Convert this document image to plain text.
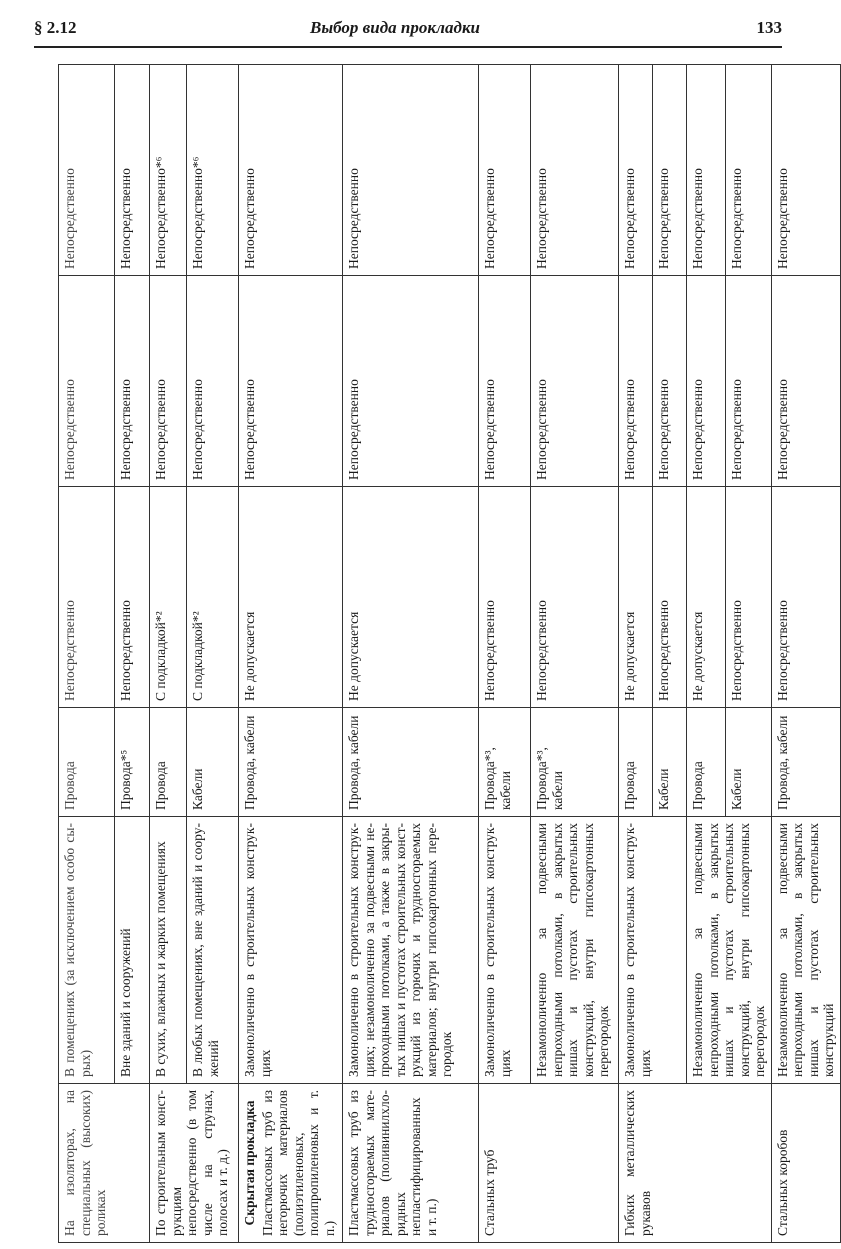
§ 2.12	Выбор вида прокладки	133
На изоляторах, на специальных (высоких) роликах	В помещениях (за исключением особо сырых)	Провода	Непосредственно	Непосредственно	Непосредственно
	Вне зданий и сооружений	Провода*⁵	Непосредственно	Непосредственно	Непосредственно
По строительным конструкциям непосредственно (в том числе на струнах, полосах и т. д.)	В сухих, влажных и жарких помещениях	Провода	С подкладкой*²	Непосредственно	Непосредственно*⁶
	В любых помещениях, вне зданий и сооружений	Кабели	С подкладкой*²	Непосредственно	Непосредственно*⁶

Скрытая прокладка Пластмассовых труб из негорючих материалов (полиэтиленовых, полипропиленовых и т. п.)	Замоноличенно в строительных конструкциях	Провода, кабели	Не допускается	Непосредственно	Непосредственно
Пластмассовых труб из трудносгораемых материалов (поливинилхлоридных непластифицированных и т. п.)	Замоноличенно в строительных конструкциях; незамоноличенно за подвесными непроходными потолками, а также в закрытых нишах и пустотах строительных конструкций из горючих и трудносгораемых материалов; внутри гипсокартонных перегородок	Провода, кабели	Не допускается	Непосредственно	Непосредственно
Стальных труб	Замоноличенно в строительных конструкциях	Провода*³, кабели	Непосредственно	Непосредственно	Непосредственно
	Незамоноличенно за подвесными непроходными потолками, в закрытых нишах и пустотах строительных конструкций, внутри гипсокартонных перегородок	Провода*³, кабели	Непосредственно	Непосредственно	Непосредственно
Гибких металлических рукавов	Замоноличенно в строительных конструкциях	Провода	Не допускается	Непосредственно	Непосредственно
		Кабели	Непосредственно	Непосредственно	Непосредственно
	Незамоноличенно за подвесными непроходными потолками, в закрытых нишах и пустотах строительных конструкций, внутри гипсокартонных перегородок	Провода	Не допускается	Непосредственно	Непосредственно
		Кабели	Непосредственно	Непосредственно	Непосредственно
Стальных коробов	Незамоноличенно за подвесными непроходными потолками, в закрытых нишах и пустотах строительных конструкций	Провода, кабели	Непосредственно	Непосредственно	Непосредственно
